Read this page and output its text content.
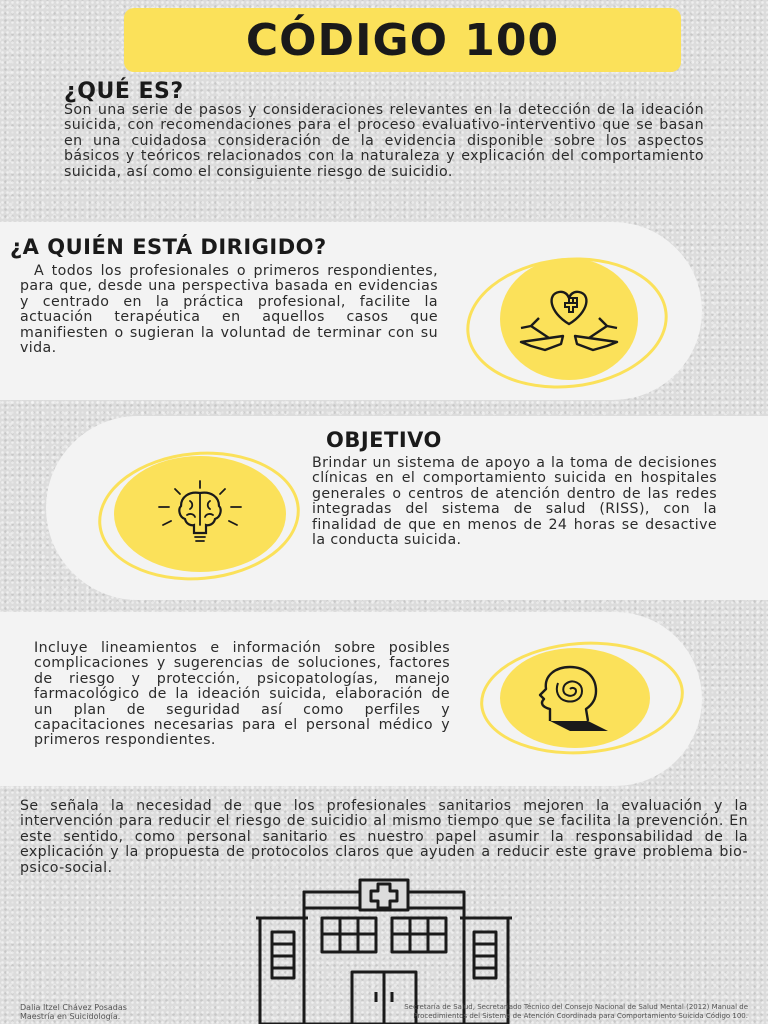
CÓDIGO 100
¿QUÉ ES?

Son una serie de pasos y consideraciones relevantes en la detección de la ideación suicida, con recomendaciones para el proceso evaluativo-interventivo que se basan en una cuidadosa consideración de la evidencia disponible sobre los aspectos básicos y teóricos relacionados con la naturaleza y explicación del comportamiento suicida, así como el consiguiente riesgo de suicidio.

¿A QUIÉN ESTÁ DIRIGIDO?

A todos los profesionales o primeros respondientes, para que, desde una perspectiva basada en evidencias y centrado en la práctica profesional, facilite la actuación terapéutica en aquellos casos que manifiesten o sugieran la voluntad de terminar con su vida.

OBJETIVO

Brindar un sistema de apoyo a la toma de decisiones clínicas en el comportamiento suicida en hospitales generales o centros de atención dentro de las redes integradas del sistema de salud (RISS), con la finalidad de que en menos de 24 horas se desactive la conducta suicida.

Incluye lineamientos e información sobre posibles complicaciones y sugerencias de soluciones, factores de riesgo y protección, psicopatologías, manejo farmacológico de la ideación suicida, elaboración de un plan de seguridad así como perfiles y capacitaciones necesarias para el personal médico y primeros respondientes.

Se señala la necesidad de que los profesionales sanitarios mejoren la evaluación y la intervención para reducir el riesgo de suicidio al mismo tiempo que se facilita la prevención. En este sentido, como personal sanitario es nuestro papel asumir la responsabilidad de la explicación y la propuesta de protocolos claros que ayuden a reducir este grave problema bio-psico-social.

Dalia Itzel Chávez Posadas
Maestría en Suicidología.
Secretaría de Salud, Secretariado Técnico del Consejo Nacional de Salud Mental (2012) Manual de
Procedimientos del Sistema de Atención Coordinada para Comportamiento Suicida Código 100.
